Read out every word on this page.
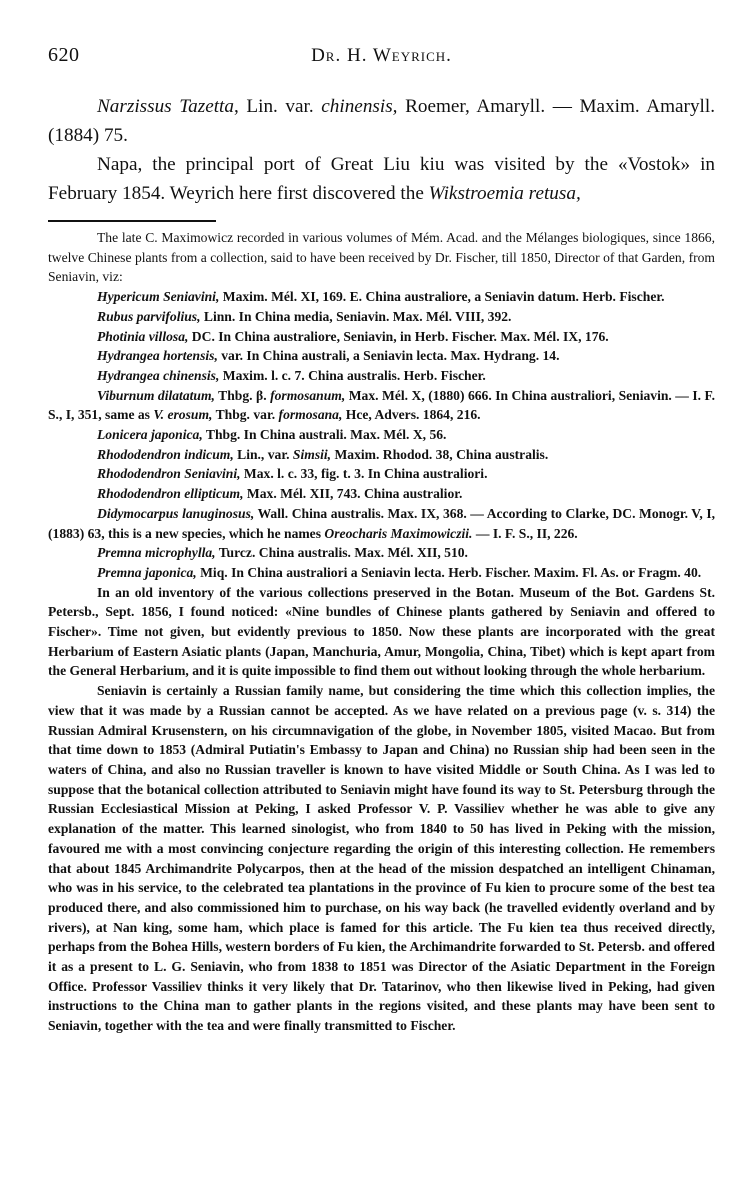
620	Dr. H. Weyrich.

Narzissus Tazetta, Lin. var. chinensis, Roemer, Amaryll. — Maxim. Amaryll. (1884) 75.

Napa, the principal port of Great Liu kiu was visited by the «Vostok» in February 1854. Weyrich here first discovered the Wikstroemia retusa,

The late C. Maximowicz recorded in various volumes of Mém. Acad. and the Mélanges biologiques, since 1866, twelve Chinese plants from a collection, said to have been received by Dr. Fischer, till 1850, Director of that Garden, from Seniavin, viz:

Hypericum Seniavini, Maxim. Mél. XI, 169. E. China australiore, a Seniavin datum. Herb. Fischer.

Rubus parvifolius, Linn. In China media, Seniavin. Max. Mél. VIII, 392.

Photinia villosa, DC. In China australiore, Seniavin, in Herb. Fischer. Max. Mél. IX, 176.

Hydrangea hortensis, var. In China australi, a Seniavin lecta. Max. Hydrang. 14.

Hydrangea chinensis, Maxim. l. c. 7. China australis. Herb. Fischer.

Viburnum dilatatum, Thbg. β. formosanum, Max. Mél. X, (1880) 666. In China australiori, Seniavin. — I. F. S., I, 351, same as V. erosum, Thbg. var. formosana, Hce, Advers. 1864, 216.

Lonicera japonica, Thbg. In China australi. Max. Mél. X, 56.

Rhododendron indicum, Lin., var. Simsii, Maxim. Rhodod. 38, China australis.

Rhododendron Seniavini, Max. l. c. 33, fig. t. 3. In China australiori.

Rhododendron ellipticum, Max. Mél. XII, 743. China australior.

Didymocarpus lanuginosus, Wall. China australis. Max. IX, 368. — According to Clarke, DC. Monogr. V, I, (1883) 63, this is a new species, which he names Oreocharis Maximowiczii. — I. F. S., II, 226.

Premna microphylla, Turcz. China australis. Max. Mél. XII, 510.

Premna japonica, Miq. In China australiori a Seniavin lecta. Herb. Fischer. Maxim. Fl. As. or Fragm. 40.

In an old inventory of the various collections preserved in the Botan. Museum of the Bot. Gardens St. Petersb., Sept. 1856, I found noticed: «Nine bundles of Chinese plants gathered by Seniavin and offered to Fischer». Time not given, but evidently previous to 1850. Now these plants are incorporated with the great Herbarium of Eastern Asiatic plants (Japan, Manchuria, Amur, Mongolia, China, Tibet) which is kept apart from the General Herbarium, and it is quite impossible to find them out without looking through the whole herbarium.

Seniavin is certainly a Russian family name, but considering the time which this collection implies, the view that it was made by a Russian cannot be accepted. As we have related on a previous page (v. s. 314) the Russian Admiral Krusenstern, on his circumnavigation of the globe, in November 1805, visited Macao. But from that time down to 1853 (Admiral Putiatin's Embassy to Japan and China) no Russian ship had been seen in the waters of China, and also no Russian traveller is known to have visited Middle or South China. As I was led to suppose that the botanical collection attributed to Seniavin might have found its way to St. Petersburg through the Russian Ecclesiastical Mission at Peking, I asked Professor V. P. Vassiliev whether he was able to give any explanation of the matter. This learned sinologist, who from 1840 to 50 has lived in Peking with the mission, favoured me with a most convincing conjecture regarding the origin of this interesting collection. He remembers that about 1845 Archimandrite Polycarpos, then at the head of the mission despatched an intelligent Chinaman, who was in his service, to the celebrated tea plantations in the province of Fu kien to procure some of the best tea produced there, and also commissioned him to purchase, on his way back (he travelled evidently overland and by rivers), at Nan king, some ham, which place is famed for this article. The Fu kien tea thus received directly, perhaps from the Bohea Hills, western borders of Fu kien, the Archimandrite forwarded to St. Petersb. and offered it as a present to L. G. Seniavin, who from 1838 to 1851 was Director of the Asiatic Department in the Foreign Office. Professor Vassiliev thinks it very likely that Dr. Tatarinov, who then likewise lived in Peking, had given instructions to the China man to gather plants in the regions visited, and these plants may have been sent to Seniavin, together with the tea and were finally transmitted to Fischer.
